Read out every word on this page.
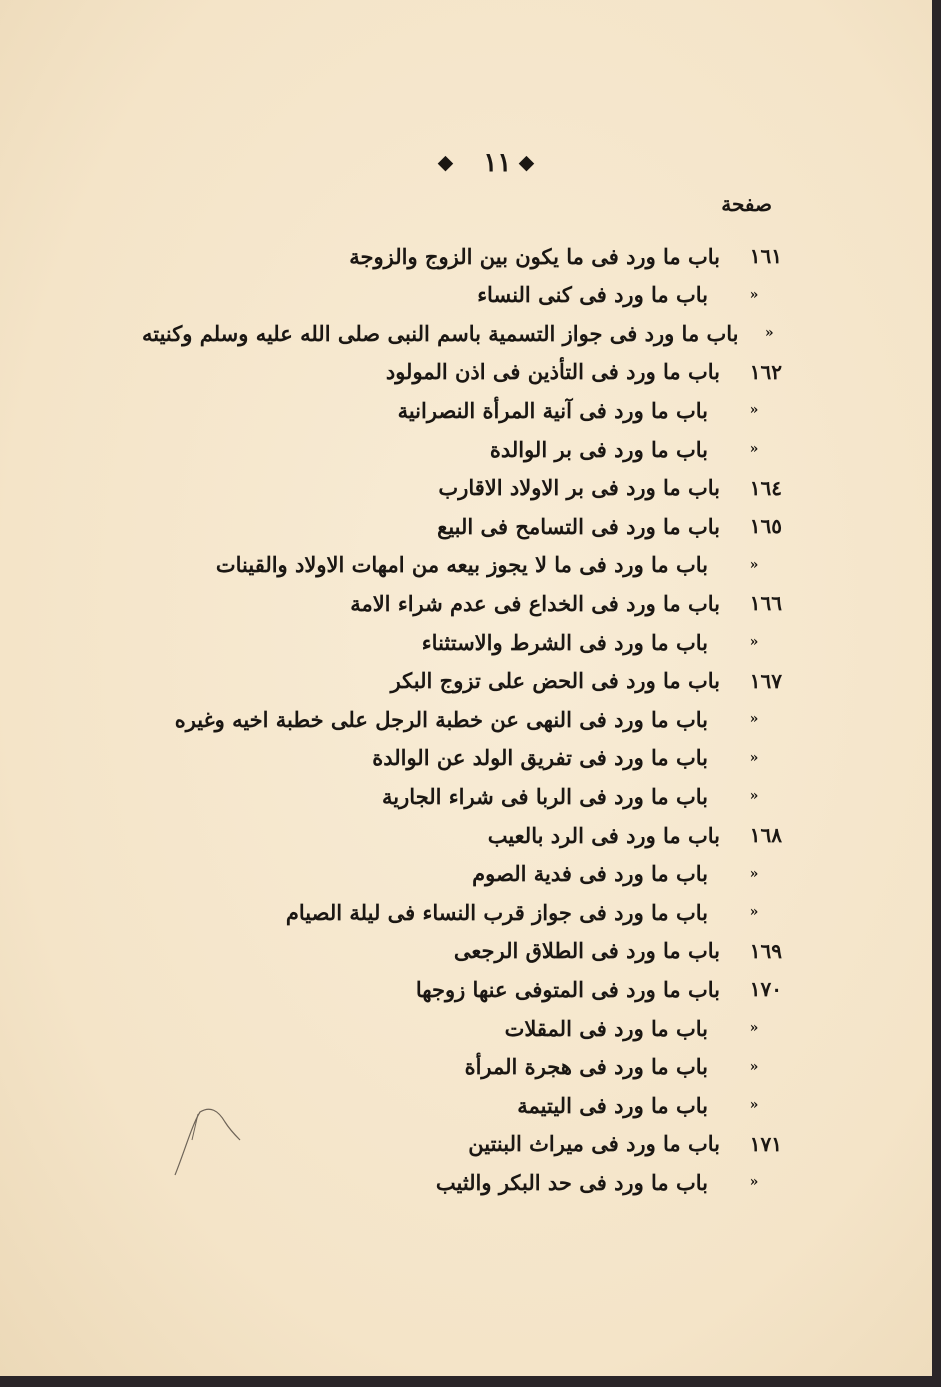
١١
صفحة
١٦١
باب ما ورد فى ما يكون بين الزوج والزوجة
«
باب ما ورد فى كنى النساء
«
باب ما ورد فى جواز التسمية باسم النبى صلى الله عليه وسلم وكنيته
١٦٢
باب ما ورد فى التأذين فى اذن المولود
«
باب ما ورد فى آنية المرأة النصرانية
«
باب ما ورد فى بر الوالدة
١٦٤
باب ما ورد فى بر الاولاد الاقارب
١٦٥
باب ما ورد فى التسامح فى البيع
«
باب ما ورد فى ما لا يجوز بيعه من امهات الاولاد والقينات
١٦٦
باب ما ورد فى الخداع فى عدم شراء الامة
«
باب ما ورد فى الشرط والاستثناء
١٦٧
باب ما ورد فى الحض على تزوج البكر
«
باب ما ورد فى النهى عن خطبة الرجل على خطبة اخيه وغيره
«
باب ما ورد فى تفريق الولد عن الوالدة
«
باب ما ورد فى الربا فى شراء الجارية
١٦٨
باب ما ورد فى الرد بالعيب
«
باب ما ورد فى فدية الصوم
«
باب ما ورد فى جواز قرب النساء فى ليلة الصيام
١٦٩
باب ما ورد فى الطلاق الرجعى
١٧٠
باب ما ورد فى المتوفى عنها زوجها
«
باب ما ورد فى المقلات
«
باب ما ورد فى هجرة المرأة
«
باب ما ورد فى اليتيمة
١٧١
باب ما ورد فى ميراث البنتين
«
باب ما ورد فى حد البكر والثيب
